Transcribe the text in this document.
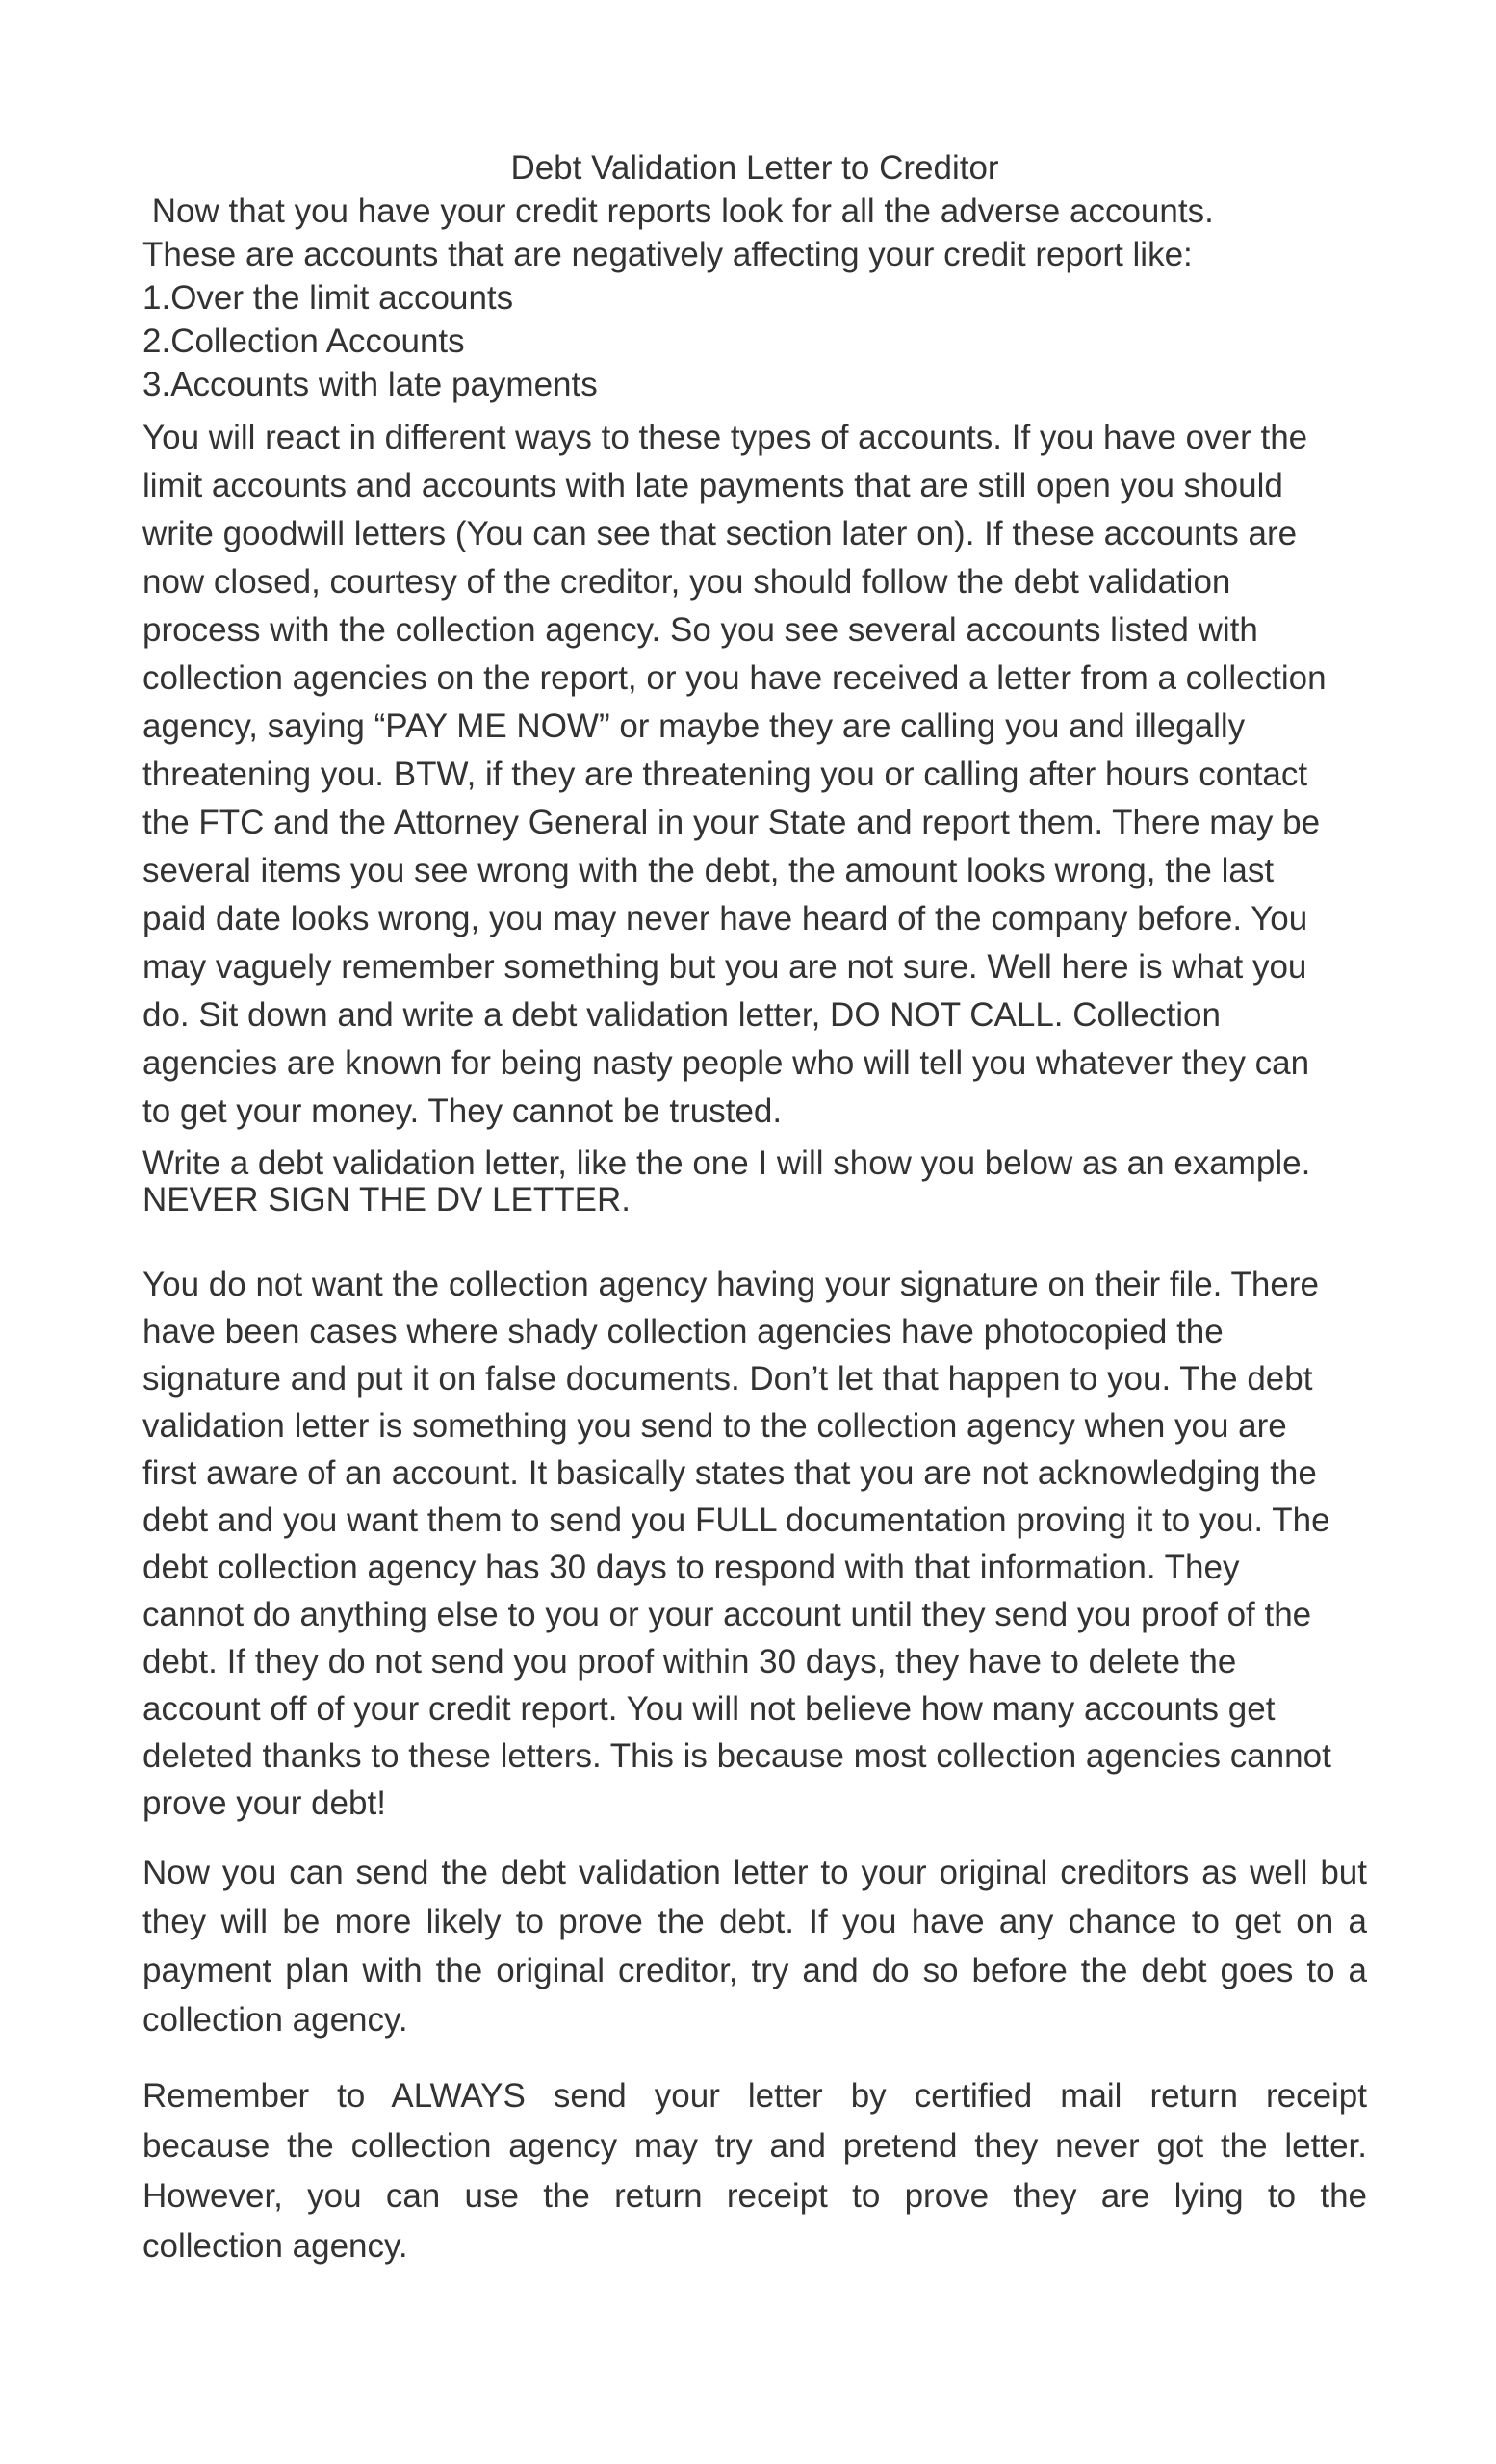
Debt Validation Letter to Creditor
Now that you have your credit reports look for all the adverse accounts.
These are accounts that are negatively affecting your credit report like:
1.Over the limit accounts
2.Collection Accounts
3.Accounts with late payments
You will react in different ways to these types of accounts. If you have over the
limit accounts and accounts with late payments that are still open you should
write goodwill letters (You can see that section later on). If these accounts are
now closed, courtesy of the creditor, you should follow the debt validation
process with the collection agency. So you see several accounts listed with
collection agencies on the report, or you have received a letter from a collection
agency, saying “PAY ME NOW” or maybe they are calling you and illegally
threatening you. BTW, if they are threatening you or calling after hours contact
the FTC and the Attorney General in your State and report them. There may be
several items you see wrong with the debt, the amount looks wrong, the last
paid date looks wrong, you may never have heard of the company before. You
may vaguely remember something but you are not sure. Well here is what you
do. Sit down and write a debt validation letter, DO NOT CALL. Collection
agencies are known for being nasty people who will tell you whatever they can
to get your money. They cannot be trusted.
Write a debt validation letter, like the one I will show you below as an example.
NEVER SIGN THE DV LETTER.
You do not want the collection agency having your signature on their file. There
have been cases where shady collection agencies have photocopied the
signature and put it on false documents. Don’t let that happen to you. The debt
validation letter is something you send to the collection agency when you are
first aware of an account. It basically states that you are not acknowledging the
debt and you want them to send you FULL documentation proving it to you. The
debt collection agency has 30 days to respond with that information. They
cannot do anything else to you or your account until they send you proof of the
debt. If they do not send you proof within 30 days, they have to delete the
account off of your credit report. You will not believe how many accounts get
deleted thanks to these letters. This is because most collection agencies cannot
prove your debt!
Now you can send the debt validation letter to your original creditors as well but
they will be more likely to prove the debt. If you have any chance to get on a
payment plan with the original creditor, try and do so before the debt goes to a
collection agency.
Remember to ALWAYS send your letter by certified mail return receipt
because the collection agency may try and pretend they never got the letter.
However, you can use the return receipt to prove they are lying to the
collection agency.
